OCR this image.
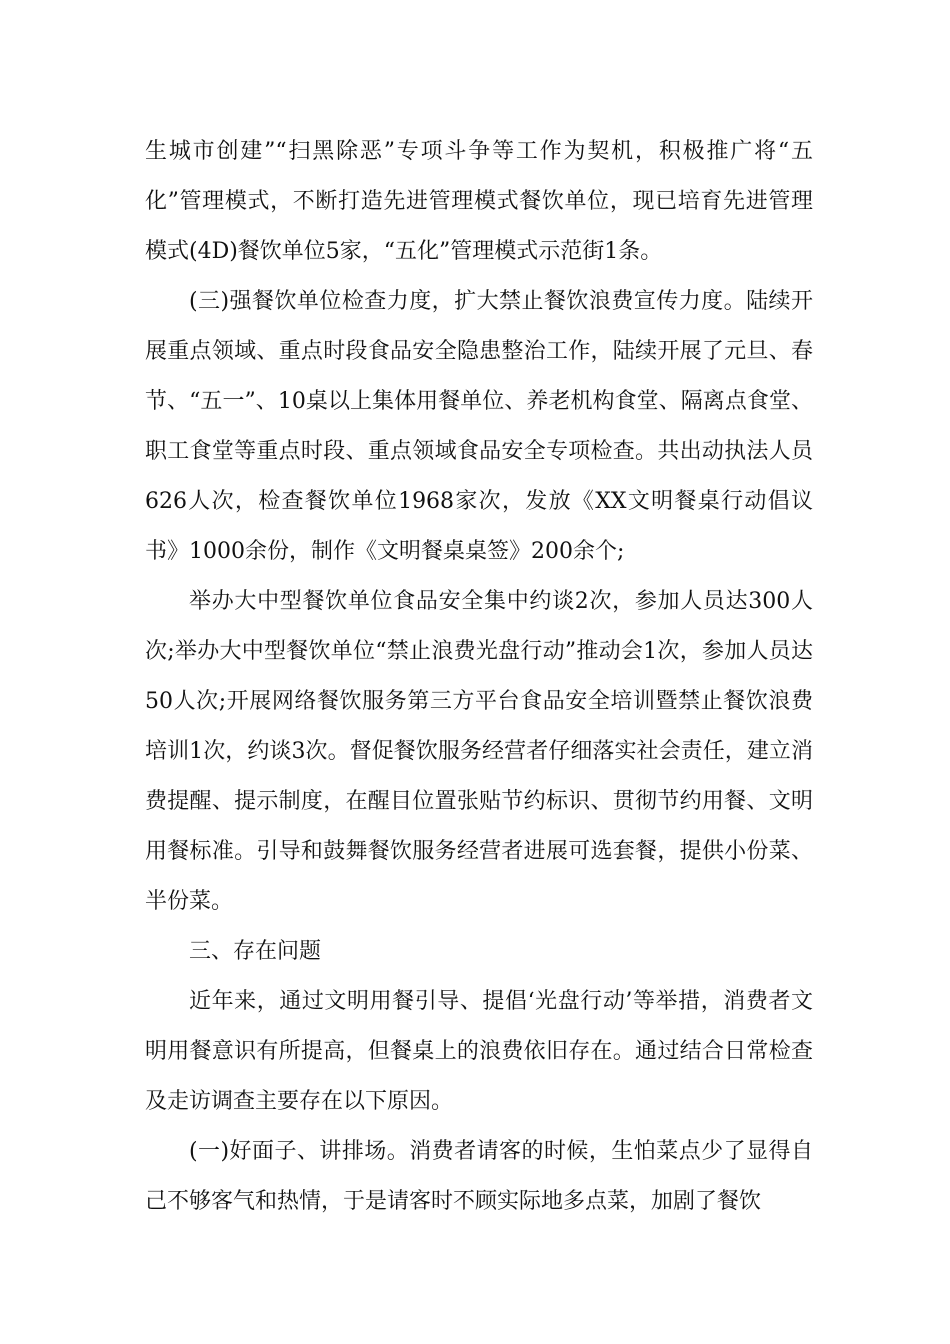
生城市创建”“扫黑除恶”专项斗争等工作为契机，积极推广将“五化”管理模式，不断打造先进管理模式餐饮单位，现已培育先进管理模式(4D)餐饮单位5家，“五化”管理模式示范街1条。

(三)强餐饮单位检查力度，扩大禁止餐饮浪费宣传力度。陆续开展重点领域、重点时段食品安全隐患整治工作，陆续开展了元旦、春节、“五一”、10桌以上集体用餐单位、养老机构食堂、隔离点食堂、职工食堂等重点时段、重点领域食品安全专项检查。共出动执法人员626人次，检查餐饮单位1968家次，发放《XX文明餐桌行动倡议书》1000余份，制作《文明餐桌桌签》200余个;

举办大中型餐饮单位食品安全集中约谈2次，参加人员达300人次;举办大中型餐饮单位“禁止浪费光盘行动”推动会1次，参加人员达50人次;开展网络餐饮服务第三方平台食品安全培训暨禁止餐饮浪费培训1次，约谈3次。督促餐饮服务经营者仔细落实社会责任，建立消费提醒、提示制度，在醒目位置张贴节约标识、贯彻节约用餐、文明用餐标准。引导和鼓舞餐饮服务经营者进展可选套餐，提供小份菜、半份菜。

三、存在问题

近年来，通过文明用餐引导、提倡‘光盘行动’等举措，消费者文明用餐意识有所提高，但餐桌上的浪费依旧存在。通过结合日常检查及走访调查主要存在以下原因。

(一)好面子、讲排场。消费者请客的时候，生怕菜点少了显得自己不够客气和热情，于是请客时不顾实际地多点菜，加剧了餐饮
